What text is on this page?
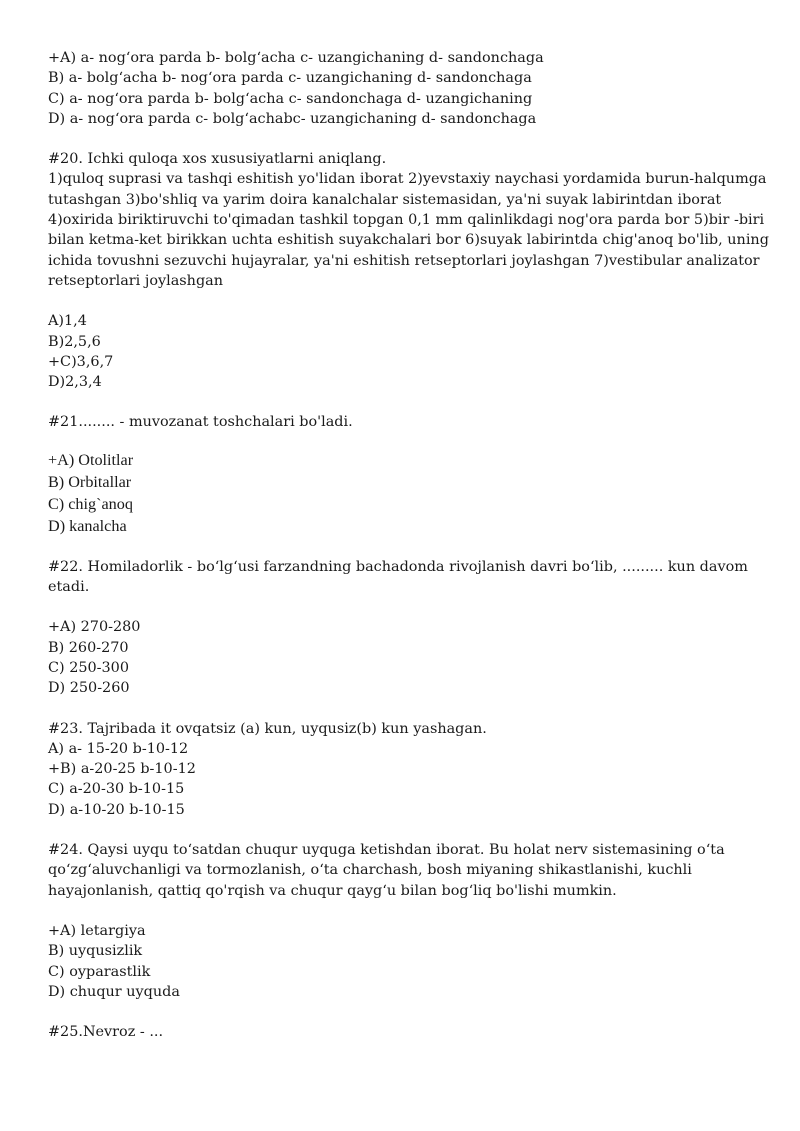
+A) a- nog‘ora parda b- bolg‘acha c- uzangichaning d- sandonchaga
B) a- bolg‘acha b- nog‘ora parda c- uzangichaning d- sandonchaga
C) a- nog‘ora parda b- bolg‘acha c- sandonchaga d- uzangichaning
D) a- nog‘ora parda c- bolg‘achabc- uzangichaning d- sandonchaga
#20. Ichki quloqa xos xususiyatlarni aniqlang.
1)quloq suprasi va tashqi eshitish yo'lidan iborat 2)yevstaxiy naychasi yordamida burun-halqumga
tutashgan 3)bo'shliq va yarim doira kanalchalar sistemasidan, ya'ni suyak labirintdan iborat
4)oxirida biriktiruvchi to'qimadan tashkil topgan 0,1 mm qalinlikdagi nog'ora parda bor 5)bir -biri
bilan ketma-ket birikkan uchta eshitish suyakchalari bor 6)suyak labirintda chig'anoq bo'lib, uning
ichida tovushni sezuvchi hujayralar, ya'ni eshitish retseptorlari joylashgan 7)vestibular analizator
retseptorlari joylashgan
A)1,4
B)2,5,6
+C)3,6,7
D)2,3,4
#21........ - muvozanat toshchalari bo'ladi.
+A) Otolitlar
B) Orbitallar
C) chig`anoq
D) kanalcha
#22. Homiladorlik - bo‘lg‘usi farzandning bachadonda rivojlanish davri bo‘lib, ......... kun davom
etadi.
+A) 270-280
B) 260-270
C) 250-300
D) 250-260
#23. Tajribada it ovqatsiz (a) kun, uyqusiz(b) kun yashagan.
A) a- 15-20 b-10-12
+B) a-20-25 b-10-12
C) a-20-30 b-10-15
D) a-10-20 b-10-15
#24. Qaysi uyqu to‘satdan chuqur uyquga ketishdan iborat. Bu holat nerv sistemasining o‘ta
qo‘zg‘aluvchanligi va tormozlanish, o‘ta charchash, bosh miyaning shikastlanishi, kuchli
hayajonlanish, qattiq qo'rqish va chuqur qayg‘u bilan bog‘liq bo'lishi mumkin.
+A) letargiya
B) uyqusizlik
C) oyparastlik
D) chuqur uyquda
#25.Nevroz - ...
